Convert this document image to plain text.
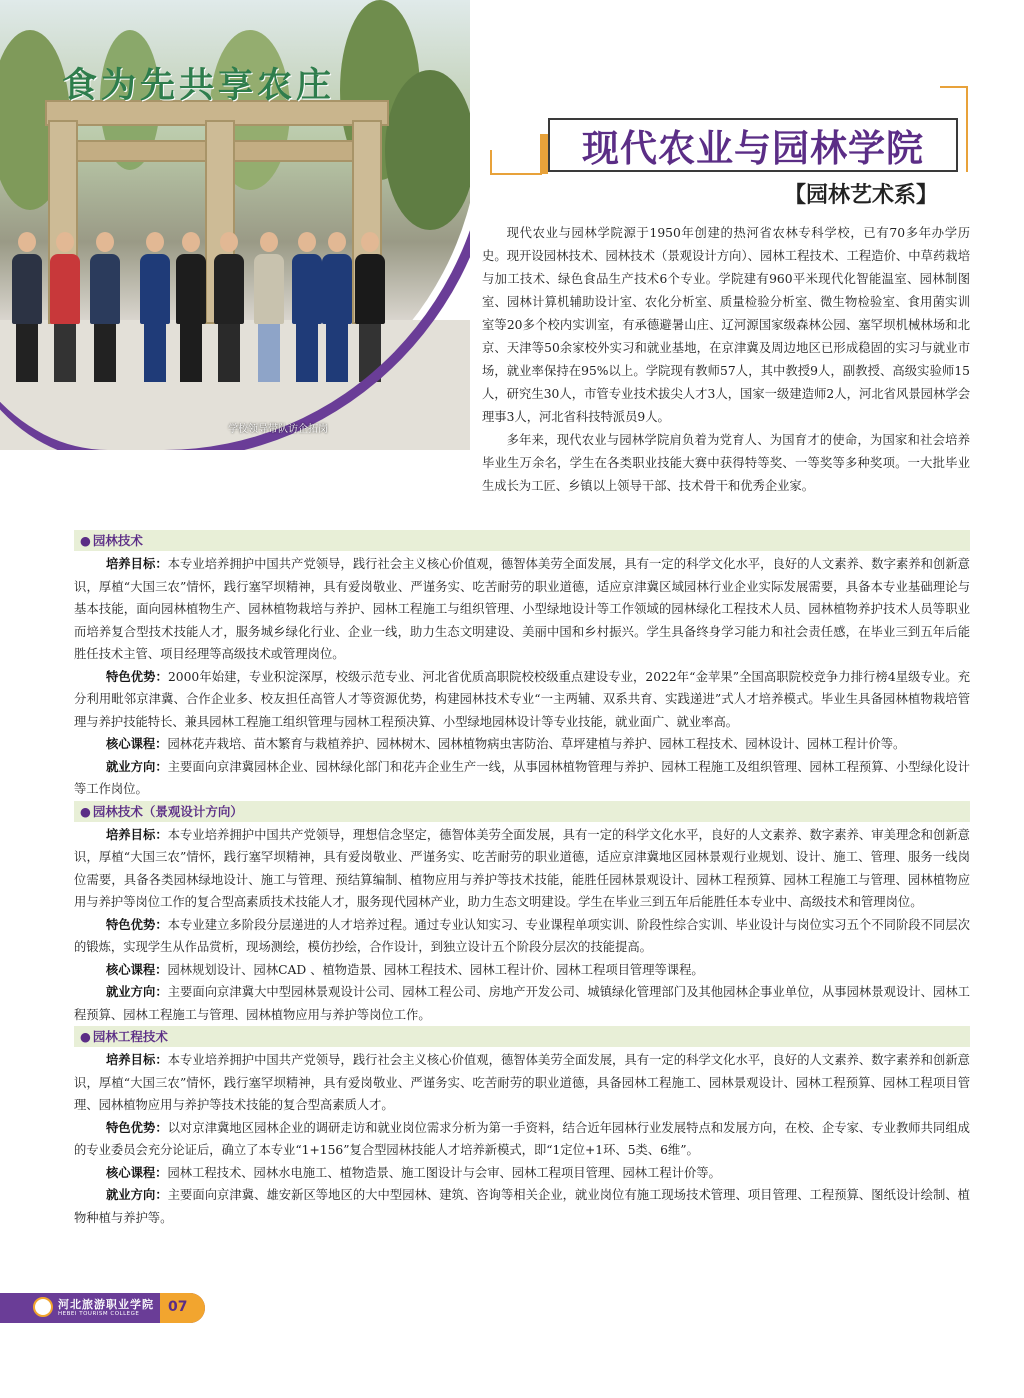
食为先共享农庄
学校领导带队访企拓岗
现代农业与园林学院
【园林艺术系】

现代农业与园林学院源于1950年创建的热河省农林专科学校，已有70多年办学历史。现开设园林技术、园林技术（景观设计方向）、园林工程技术、工程造价、中草药栽培与加工技术、绿色食品生产技术6个专业。学院建有960平米现代化智能温室、园林制图室、园林计算机辅助设计室、农化分析室、质量检验分析室、微生物检验室、食用菌实训室等20多个校内实训室，有承德避暑山庄、辽河源国家级森林公园、塞罕坝机械林场和北京、天津等50余家校外实习和就业基地，在京津冀及周边地区已形成稳固的实习与就业市场，就业率保持在95%以上。学院现有教师57人，其中教授9人，副教授、高级实验师15人，研究生30人，市管专业技术拔尖人才3人，国家一级建造师2人，河北省风景园林学会理事3人，河北省科技特派员9人。

多年来，现代农业与园林学院肩负着为党育人、为国育才的使命，为国家和社会培养毕业生万余名，学生在各类职业技能大赛中获得特等奖、一等奖等多种奖项。一大批毕业生成长为工匠、乡镇以上领导干部、技术骨干和优秀企业家。

● 园林技术

培养目标：本专业培养拥护中国共产党领导，践行社会主义核心价值观，德智体美劳全面发展，具有一定的科学文化水平，良好的人文素养、数字素养和创新意识，厚植“大国三农”情怀，践行塞罕坝精神，具有爱岗敬业、严谨务实、吃苦耐劳的职业道德，适应京津冀区域园林行业企业实际发展需要，具备本专业基础理论与基本技能，面向园林植物生产、园林植物栽培与养护、园林工程施工与组织管理、小型绿地设计等工作领域的园林绿化工程技术人员、园林植物养护技术人员等职业而培养复合型技术技能人才，服务城乡绿化行业、企业一线，助力生态文明建设、美丽中国和乡村振兴。学生具备终身学习能力和社会责任感，在毕业三到五年后能胜任技术主管、项目经理等高级技术或管理岗位。

特色优势：2000年始建，专业积淀深厚，校级示范专业、河北省优质高职院校校级重点建设专业，2022年“金苹果”全国高职院校竞争力排行榜4星级专业。充分利用毗邻京津冀、合作企业多、校友担任高管人才等资源优势，构建园林技术专业“一主两辅、双系共育、实践递进”式人才培养模式。毕业生具备园林植物栽培管理与养护技能特长、兼具园林工程施工组织管理与园林工程预决算、小型绿地园林设计等专业技能，就业面广、就业率高。

核心课程：园林花卉栽培、苗木繁育与栽植养护、园林树木、园林植物病虫害防治、草坪建植与养护、园林工程技术、园林设计、园林工程计价等。

就业方向：主要面向京津冀园林企业、园林绿化部门和花卉企业生产一线，从事园林植物管理与养护、园林工程施工及组织管理、园林工程预算、小型绿化设计等工作岗位。

● 园林技术（景观设计方向）

培养目标：本专业培养拥护中国共产党领导，理想信念坚定，德智体美劳全面发展，具有一定的科学文化水平，良好的人文素养、数字素养、审美理念和创新意识，厚植“大国三农”情怀，践行塞罕坝精神，具有爱岗敬业、严谨务实、吃苦耐劳的职业道德，适应京津冀地区园林景观行业规划、设计、施工、管理、服务一线岗位需要，具备各类园林绿地设计、施工与管理、预结算编制、植物应用与养护等技术技能，能胜任园林景观设计、园林工程预算、园林工程施工与管理、园林植物应用与养护等岗位工作的复合型高素质技术技能人才，服务现代园林产业，助力生态文明建设。学生在毕业三到五年后能胜任本专业中、高级技术和管理岗位。

特色优势：本专业建立多阶段分层递进的人才培养过程。通过专业认知实习、专业课程单项实训、阶段性综合实训、毕业设计与岗位实习五个不同阶段不同层次的锻炼，实现学生从作品赏析，现场测绘，模仿抄绘，合作设计，到独立设计五个阶段分层次的技能提高。

核心课程：园林规划设计、园林CAD 、植物造景、园林工程技术、园林工程计价、园林工程项目管理等课程。

就业方向：主要面向京津冀大中型园林景观设计公司、园林工程公司、房地产开发公司、城镇绿化管理部门及其他园林企事业单位，从事园林景观设计、园林工程预算、园林工程施工与管理、园林植物应用与养护等岗位工作。

● 园林工程技术

培养目标：本专业培养拥护中国共产党领导，践行社会主义核心价值观，德智体美劳全面发展，具有一定的科学文化水平，良好的人文素养、数字素养和创新意识，厚植“大国三农”情怀，践行塞罕坝精神，具有爱岗敬业、严谨务实、吃苦耐劳的职业道德，具备园林工程施工、园林景观设计、园林工程预算、园林工程项目管理、园林植物应用与养护等技术技能的复合型高素质人才。

特色优势：以对京津冀地区园林企业的调研走访和就业岗位需求分析为第一手资料，结合近年园林行业发展特点和发展方向，在校、企专家、专业教师共同组成的专业委员会充分论证后，确立了本专业“1+156”复合型园林技能人才培养新模式，即“1定位+1环、5类、6维”。

核心课程：园林工程技术、园林水电施工、植物造景、施工图设计与会审、园林工程项目管理、园林工程计价等。

就业方向：主要面向京津冀、雄安新区等地区的大中型园林、建筑、咨询等相关企业，就业岗位有施工现场技术管理、项目管理、工程预算、图纸设计绘制、植物种植与养护等。

河北旅游职业学院
HEBEI TOURISM COLLEGE 07
